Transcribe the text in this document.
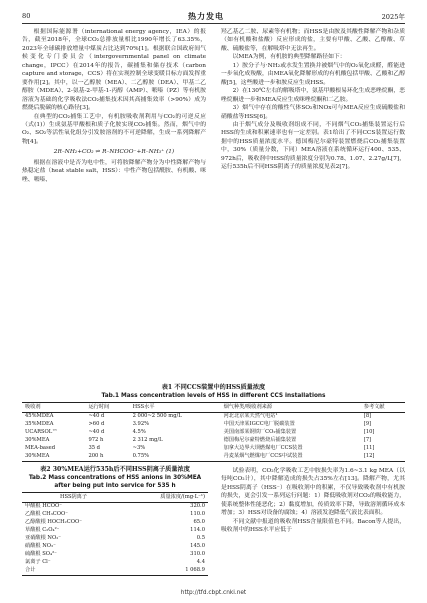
80	热力发电	2025年

根据国际能源署（international energy agency，IEA）的报告，截至2018年，全球CO₂总排放量相比1990年增长了63.35%，2023年全球碳排放增量中煤炭占比达到70%[1]。根据联合国政府间气候变化专门委员会（intergovernmental panel on climate change，IPCC）在2014年的报告，碳捕集和储存技术（carbon capture and storage，CCS）将在实现控制全球变暖目标方面发挥重要作用[2]。其中，以一乙醇胺（MEA）、二乙醇胺（DEA）、甲基二乙醇胺（MDEA）、2-氨基-2-甲基-1-丙醇（AMP）、哌嗪（PZ）等有机胺溶液为基础的化学吸收法CO₂捕集技术因其高捕集效率（>90%）成为燃烧后脱碳的核心路径[3]。

在典型的CO₂捕集工艺中，有机胺吸收剂利用与CO₂的可逆反应（式(1)）生成氨基甲酸根和质子化胺实现CO₂捕集。然而，烟气中的O₂、SO₂等活性氧化组分引发胺溶剂的不可逆降解，生成一系列降解产物[4]。

2R–NH₂+CO₂ ⇌ R–NHCOO⁻+R–NH₃⁺ (1)

根据在溶液中是否为电中性，可将胺降解产物分为中性降解产物与热稳定盐（heat stable salt，HSS）：中性产物包括酰胺、有机酸、咪唑、哌嗪、

羟乙基乙二胺、尿素等有机物；而HSS是由胺及其酸性降解产物和杂质（如有机酸和盐酸）反应形成的盐，主要有甲酸、乙酸、乙醇酸、草酸、硫酸盐等，在解吸塔中无法再生。

以MEA为例，有机胺的典型降解路径如下：

1）胺分子与·NH₂或水发生置换并被烟气中的O₂氧化成醛，醛能进一步氧化成羧酸，由MEA氧化降解形成的有机酸包括甲酸、乙酸和乙醇酸[5]，这些酸进一步和胺反应生成HSS。

2）在130℃左右的解吸塔中，氨基甲酸根易环化生成恶唑烷酮，恶唑烷酮进一步和MEA反应生成咪唑烷酮和二乙胺。

3）烟气中存在的酸性气体SO₂和NOx可与MEA反应生成硫酸盐和硝酸盐等HSS[6]。

由于烟气成分及吸收剂组成不同，不同烟气CO₂捕集装置运行后HSS的生成和积累速率也有一定差别。表1给出了不同CCS装置运行数据中的HSS质量浓度水平。德国梅尼尔豪特装置燃烧后CO₂捕集装置中，30%（质量分数，下同）MEA溶液在系统循环运行400、535、972h后，吸收剂中HSS的质量浓度分别为0.78、1.07、2.27g/L[7]，运行535h后不同HSS阴离子的质量浓度见表2[7]。

表1 不同CCS装置中的HSS质量浓度
Tab.1 Mass concentration levels of HSS in different CCS installations
吸收剂	运行时间	HSS水平	烟气种类/吸收剂来源	参考文献
45%MDEA	~40 d	2 000~2 500 mg/L	河北北京某天然气电站¹	[8]
35%MDEA	>60 d	3.92%	中国天津某IGCC电厂脱碳装置	[9]
UCARSOL™	~40 d	4.5%	美国南部某钢铁厂CO₂捕集装置	[10]
30%MEA	972 h	2 312 mg/L	德国梅尼尔豪特燃烧后捕集装置	[7]
MEA-based	35 d	~3%	加拿大边界大坝燃煤电厂CCS装置	[11]
30%MEA	200 h	0.75%	丹麦某烟气燃煤电厂CCS中试装置	[12]
表2 30%MEA运行535h后不同HSS阴离子质量浓度
Tab.2 Mass concentrations of HSS anions in 30%MEA after being put into service for 535 h
HSS阴离子	质量浓度/(mg·L⁻¹)
甲酸根 HCOO⁻	320.0
乙酸根 CH₃COO⁻	110.0
乙醇酸根 HOCH₂COO⁻	65.0
草酸根 C₂O₄²⁻	114.0
亚硝酸根 NO₂⁻	0.5
硝酸根 NO₃⁻	145.0
硫酸根 SO₄²⁻	310.0
氯离子 Cl⁻	4.4
合计	1 068.9

试验表明，CO₂化学吸收工艺中胺损失率为1.6~3.1 kg MEA（以每吨CO₂计），其中降解造成的损失占35%左右[13]。降解产物，尤其是HSS阴离子（HSS⁻）在吸收剂中的积累，不仅导致吸收剂中有机胺的损失，更会引发一系列运行问题：1）降低吸收剂对CO₂的吸收能力，使系统整体性能恶化；2）黏度增加，传质效率下降，导致溶剂循环成本增加；3）HSS对设备的腐蚀；4）溶液发泡降低气液比表面积。

不同文献中报道的吸收剂HSS含量限值也不同。Bacon等人提出，吸收剂中的HSS水平应低于

http://tfd.cbpt.cnki.net
